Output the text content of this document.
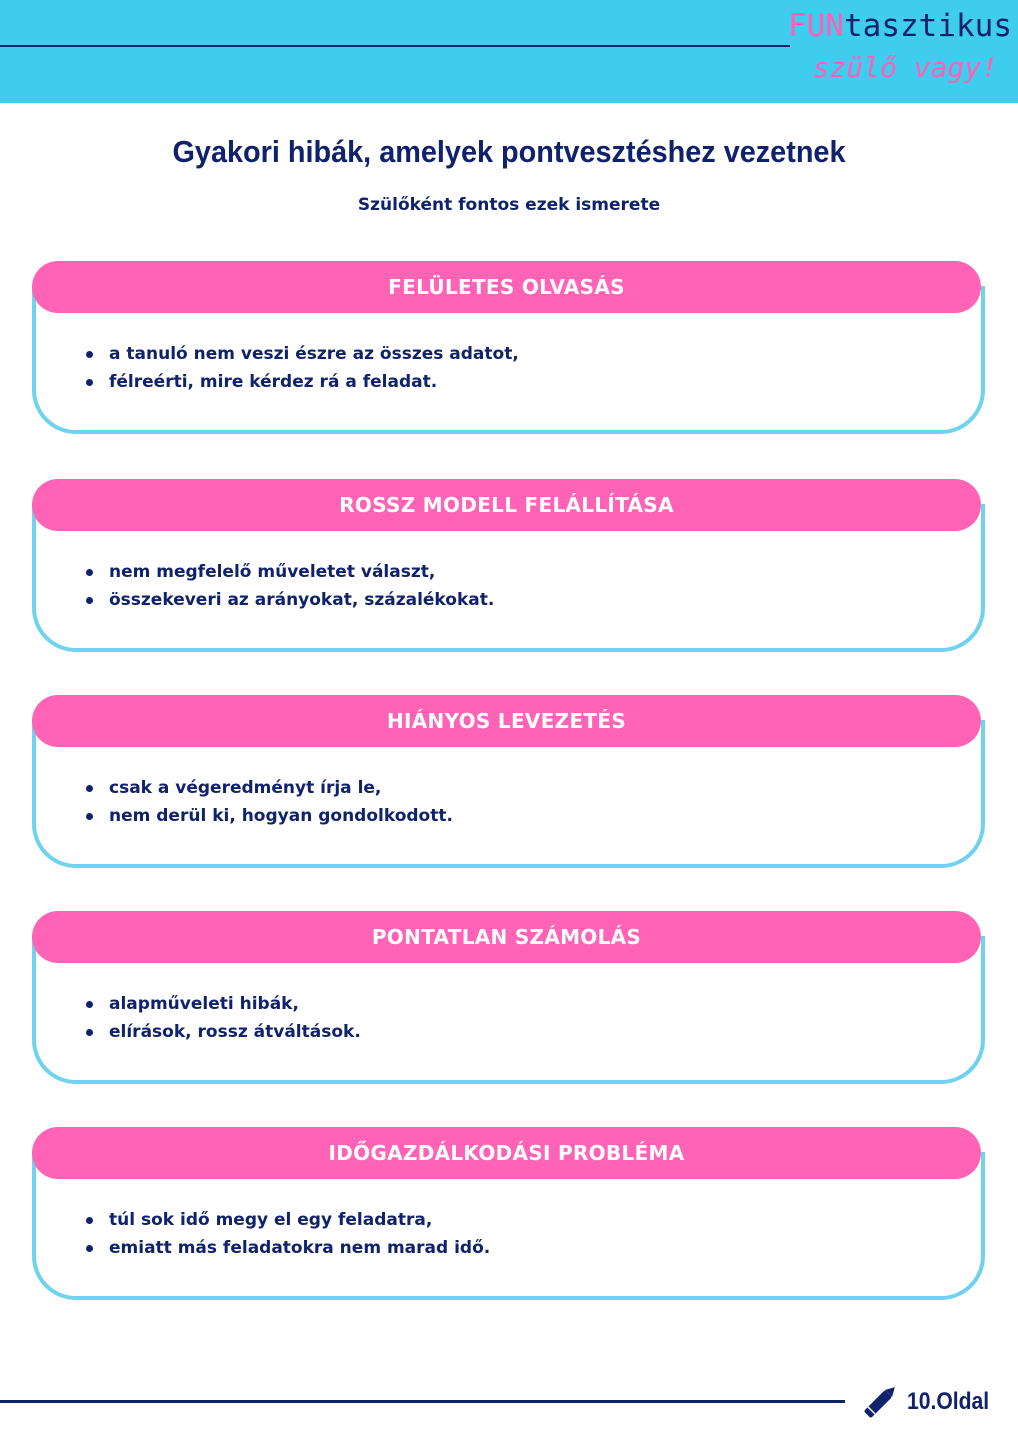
FUNtasztikus
szülő vagy!
Gyakori hibák, amelyek pontvesztéshez vezetnek
Szülőként fontos ezek ismerete
FELÜLETES OLVASÁS
a tanuló nem veszi észre az összes adatot,
félreérti, mire kérdez rá a feladat.
ROSSZ MODELL FELÁLLÍTÁSA
nem megfelelő műveletet választ,
összekeveri az arányokat, százalékokat.
HIÁNYOS LEVEZETÉS
csak a végeredményt írja le,
nem derül ki, hogyan gondolkodott.
PONTATLAN SZÁMOLÁS
alapműveleti hibák,
elírások, rossz átváltások.
IDŐGAZDÁLKODÁSI PROBLÉMA
túl sok idő megy el egy feladatra,
emiatt más feladatokra nem marad idő.
10.Oldal
